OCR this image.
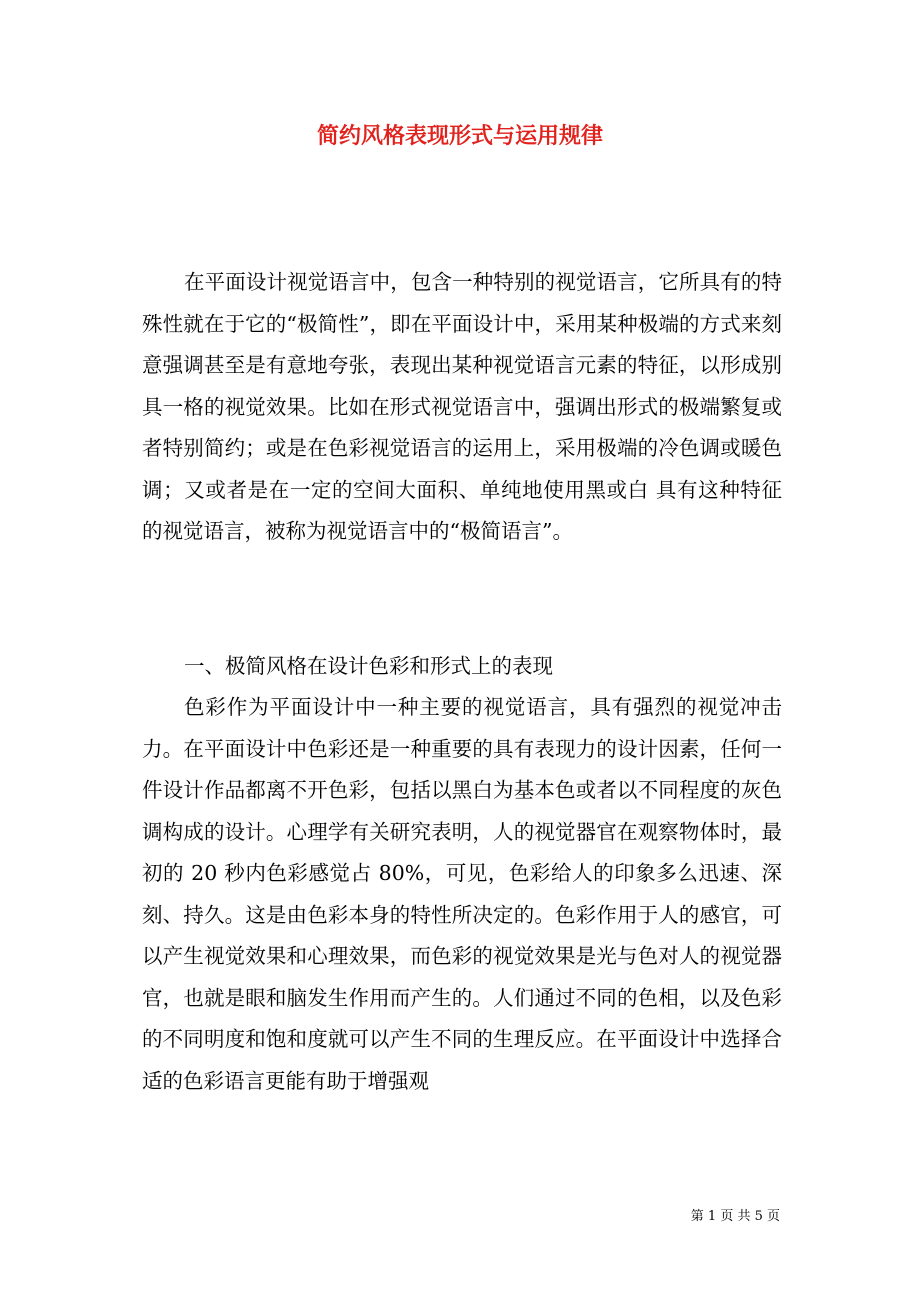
简约风格表现形式与运用规律

在平面设计视觉语言中，包含一种特别的视觉语言，它所具有的特殊性就在于它的“极简性”，即在平面设计中，采用某种极端的方式来刻意强调甚至是有意地夸张，表现出某种视觉语言元素的特征，以形成别具一格的视觉效果。比如在形式视觉语言中，强调出形式的极端繁复或者特别简约；或是在色彩视觉语言的运用上，采用极端的冷色调或暖色调；又或者是在一定的空间大面积、单纯地使用黑或白 具有这种特征的视觉语言，被称为视觉语言中的“极简语言”。

一、极简风格在设计色彩和形式上的表现

色彩作为平面设计中一种主要的视觉语言，具有强烈的视觉冲击力。在平面设计中色彩还是一种重要的具有表现力的设计因素，任何一件设计作品都离不开色彩，包括以黑白为基本色或者以不同程度的灰色调构成的设计。心理学有关研究表明，人的视觉器官在观察物体时，最初的 20 秒内色彩感觉占 80%，可见，色彩给人的印象多么迅速、深刻、持久。这是由色彩本身的特性所决定的。色彩作用于人的感官，可以产生视觉效果和心理效果，而色彩的视觉效果是光与色对人的视觉器官，也就是眼和脑发生作用而产生的。人们通过不同的色相，以及色彩的不同明度和饱和度就可以产生不同的生理反应。在平面设计中选择合适的色彩语言更能有助于增强观

第 1 页 共 5 页
